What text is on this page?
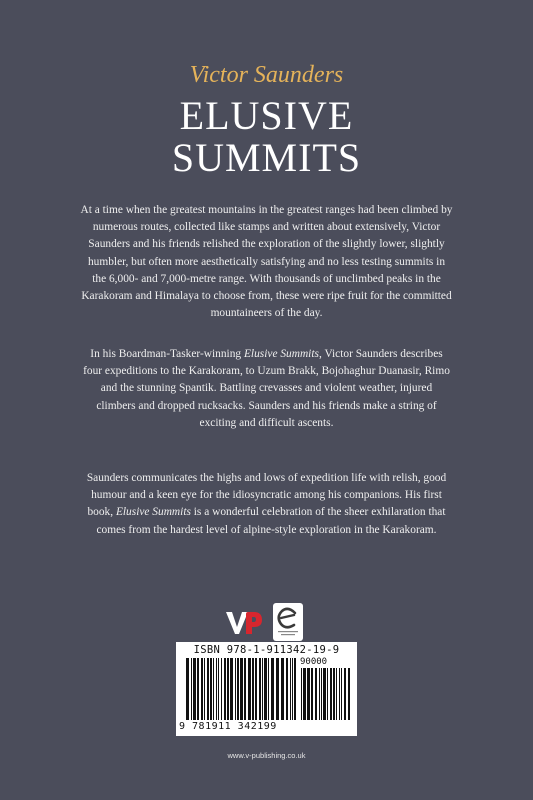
Victor Saunders
ELUSIVE
SUMMITS
At a time when the greatest mountains in the greatest ranges had been climbed by numerous routes, collected like stamps and written about extensively, Victor Saunders and his friends relished the exploration of the slightly lower, slightly humbler, but often more aesthetically satisfying and no less testing summits in the 6,000- and 7,000-metre range. With thousands of unclimbed peaks in the Karakoram and Himalaya to choose from, these were ripe fruit for the committed mountaineers of the day.
In his Boardman-Tasker-winning Elusive Summits, Victor Saunders describes four expeditions to the Karakoram, to Uzum Brakk, Bojohaghur Duanasir, Rimo and the stunning Spantik. Battling crevasses and violent weather, injured climbers and dropped rucksacks. Saunders and his friends make a string of exciting and difficult ascents.
Saunders communicates the highs and lows of expedition life with relish, good humour and a keen eye for the idiosyncratic among his companions. His first book, Elusive Summits is a wonderful celebration of the sheer exhilaration that comes from the hardest level of alpine-style exploration in the Karakoram.
ISBN 978-1-911342-19-9
90000
9 781911 342199
www.v-publishing.co.uk
